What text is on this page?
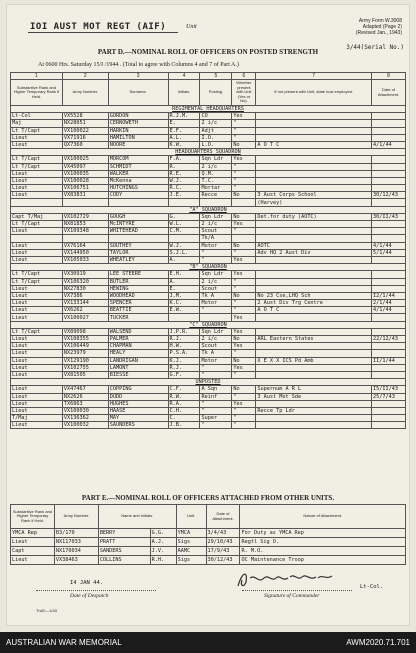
IOI AUST MOT REGT (AIF)	Unit
Army Form W.3008
Adapted (Page 2)
(Revised Jan., 1943)
3/44(Serial No.)
PART D.—NOMINAL ROLL OF OFFICERS ON POSTED STRENGTH
At 0600 Hrs. Saturday 15/I /1944 . (Total to agree with Columns 4 and 7 of Part A.)
1	2	3	4	5	6	7	8
Substantive Rank and Higher Temporary Rank if Held.	Army Number.	Surname.	Initials.	Posting.	Whether present with Unit (Yes or No).	If not present with Unit, state how employed.	Date of Attachment.
REGIMENTAL HEADQUARTERS							
Lt-Col	VX5528	GORDON	R.J.M.	CO	Yes		
Maj	NX28051	CERNOWETH	E.	2 i/c	"		
Lt T/Capt	VX100022	HARKIN	E.F.	Adjt	"		
Lieut	VX71916	HAMILTON	A.L.	I.O.	"		
Lieut	QX7360	NOORE	K.W.	L.O.	No	A O T C	4/1/44
HEADQUARTERS SQUADRON							
Lt T/Capt	VX100025	MORCOM	F.A.	Sqn Ldr	Yes		
Lt T/Capt	VX45097	SCHMIDT	R.	2 i/c	"		
Lieut	VX100035	WALKER	R.E.	Q.M.	"		
Lieut	VX100028	McKenna	W.J.	T.C.	"		
Lieut	VX106751	HUTCHINGS	R.C.	Mortar	"		
Lieut	VX83831	CODY	J.E.	Recce	No	3 Aust Corps School	30/12/43
						(Harvey)	
"A" SQUADRON							
Capt T/Maj	VX102729	GOUGH	G.	Sqn Ldr	No	Det.for duty (AOTC)	30/II/43
Lt T/Capt	NX81853	McINTYRE	W.L.	2 i/c	Yes		
Lieut	VX109348	WHITEHEAD	C.M.	Scout	"		
				Tk/A			
Lieut	VX76164	SOUTHEY	W.J.	Motor	No	AOTC	4/1/44
Lieut	VX144950	TAYLOR	S.J.L.	"	"	Adv HQ 2 Aust Div	5/1/44
Lieut	VX105033	WHEATLEY	A.	"	Yes		
"B" SQUADRON							
Lt T/Capt	VX30919	LEE STEERE	E.H.	Sqn Ldr	Yes		
Lt T/Capt	VX106320	BUTLER	A.	2 i/c	"		
Lieut	NX27830	HEWING	E.	Scout	"		
Lieut	VX7386	WOODHEAD	J.M.	Tk A	No	No 23 Cse,LHQ Sch	I2/1/44
Lieut	VX133144	SPENCER	K.C.	Motor	"	2 Aust Div Trg Centre	2/1/44
Lieut	VX6262	BEATTIE	E.W.	"	"	A O T C	4/1/44
Lieut	VX100027	TUCKER			Yes		
"C" SQUADRON							
Lt T/Capt	VX89098	WALSEND	J.P.R.	Sqn Ldr	Yes		
Lieut	VX108355	PALMER	R.J.	2 i/c	No	ARL Eastern States	22/12/43
Lieut	VX106449	CHAPMAN	H.W.	Scout	Yes		
Lieut	NX23979	HEALY	P.S.A.	Tk A	"		
Lieut	VX129190	LANDRIGAN	K.J.	Motor	No	X E X X ICS Pd Amb	II/1/44
Lieut	VX102755	LAMONT	R.J.	"	Yes		
Lieut	VX81505	BIESSE	G.F.	"	"		
UNPOSTED							
Lieut	VX47467	COPPING	C.F.	A Sqn	No	Supernum A R L	I5/II/43
Lieut	NX2626	DUDD	R.W.	Reinf	"	3 Aust Mot Sde	25/7/43
Lieut	TX6863	HUGHES	R.A.	"	Yes		
Lieut	VX100030	HAASE	C.H.	"	"	Recce Tp Ldr	
T/Maj	VX136362	MAY	C.	Super	"		
Lieut	VX100032	SAUNDERS	J.B.	"	"		
PART E.—NOMINAL ROLL OF OFFICERS ATTACHED FROM OTHER UNITS.
Substantive Rank and Higher Temporary Rank if Held.	Army Number.	Name and Initials.		Unit.	Date of Attachment.	Nature of Attachment.
YMCA Rep	B3/170	BERRY	G.G.	YMCA	3/4/43	For Duty as YMCA Rep
Lieut	NX117033	PRATT	A.J.	Sigs	29/10/43	Regtl Sig O.
Capt	NX170034	SANDERS	J.V.	AAMC	17/9/43	R. M.O.
Lieut	VX38463	COLLINS	R.H.	Sigs	30/12/43	OC Maintenance Troop
I4 JAN 44.
Date of Despatch	Signature of Commander
Lt-Col.
Tnt2/—1/43
AUSTRALIAN WAR MEMORIAL	AWM2020.71.701
